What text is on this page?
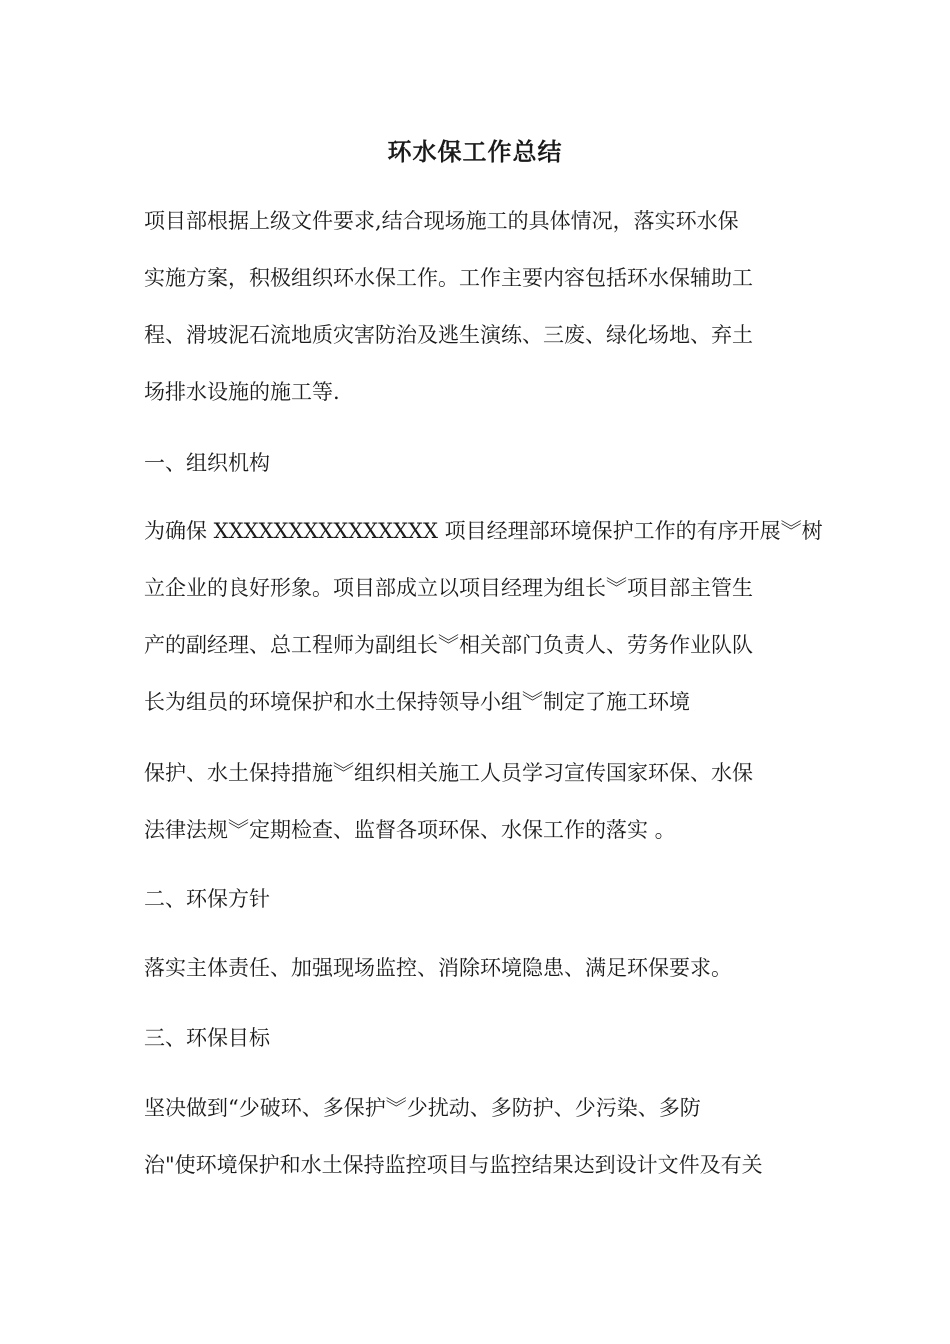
环水保工作总结
项目部根据上级文件要求,结合现场施工的具体情况，落实环水保
实施方案，积极组织环水保工作。工作主要内容包括环水保辅助工
程、滑坡泥石流地质灾害防治及逃生演练、三废、绿化场地、弃土
场排水设施的施工等.
一、组织机构
为确保 XXXXXXXXXXXXXXX 项目经理部环境保护工作的有序开展︾树
立企业的良好形象。项目部成立以项目经理为组长︾项目部主管生
产的副经理、总工程师为副组长︾相关部门负责人、劳务作业队队
长为组员的环境保护和水土保持领导小组︾制定了施工环境
保护、水土保持措施︾组织相关施工人员学习宣传国家环保、水保
法律法规︾定期检查、监督各项环保、水保工作的落实 。
二、环保方针
落实主体责任、加强现场监控、消除环境隐患、满足环保要求。
三、环保目标
坚决做到“少破环、多保护︾少扰动、多防护、少污染、多防
治"使环境保护和水土保持监控项目与监控结果达到设计文件及有关
